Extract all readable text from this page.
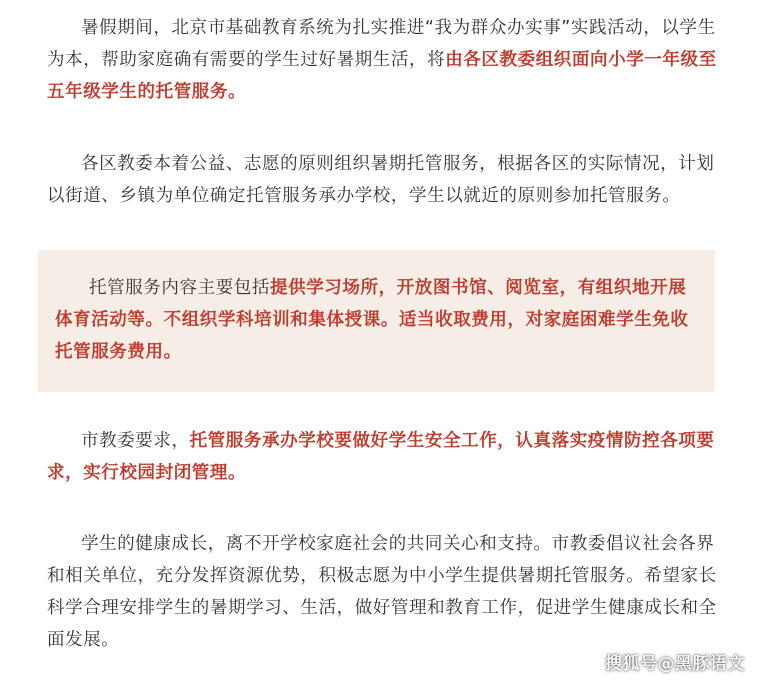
暑假期间，北京市基础教育系统为扎实推进“我为群众办实事”实践活动，以学生为本，帮助家庭确有需要的学生过好暑期生活，将由各区教委组织面向小学一年级至五年级学生的托管服务。

各区教委本着公益、志愿的原则组织暑期托管服务，根据各区的实际情况，计划以街道、乡镇为单位确定托管服务承办学校，学生以就近的原则参加托管服务。

托管服务内容主要包括提供学习场所，开放图书馆、阅览室，有组织地开展体育活动等。不组织学科培训和集体授课。适当收取费用，对家庭困难学生免收托管服务费用。

市教委要求，托管服务承办学校要做好学生安全工作，认真落实疫情防控各项要求，实行校园封闭管理。

学生的健康成长，离不开学校家庭社会的共同关心和支持。市教委倡议社会各界和相关单位，充分发挥资源优势，积极志愿为中小学生提供暑期托管服务。希望家长科学合理安排学生的暑期学习、生活，做好管理和教育工作，促进学生健康成长和全面发展。

搜狐号@黑豚语文
